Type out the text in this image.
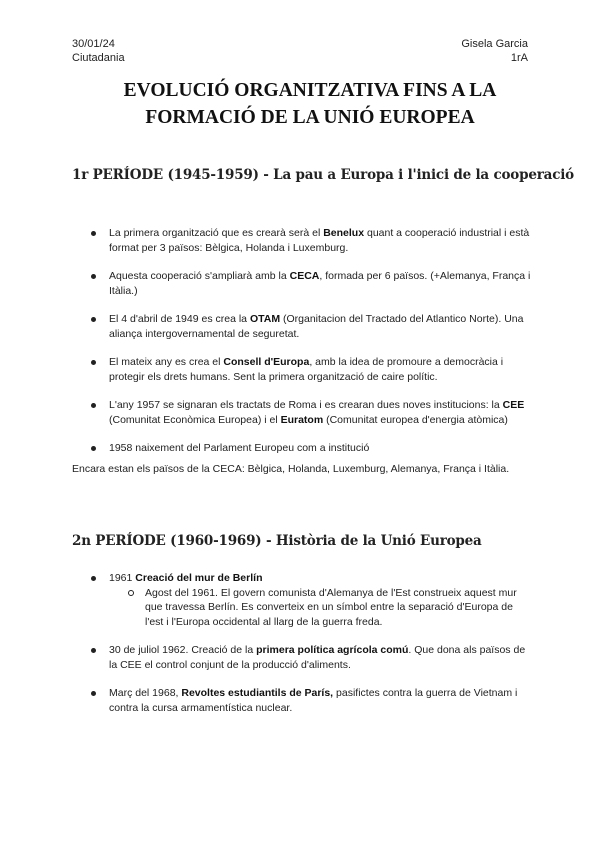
30/01/24
Ciutadania
Gisela Garcia
1rA
EVOLUCIÓ ORGANITZATIVA FINS A LA
FORMACIÓ DE LA UNIÓ EUROPEA
1r PERÍODE (1945-1959) - La pau a Europa i l'inici de la cooperació
La primera organització que es crearà serà el Benelux quant a cooperació industrial i està format per 3 països: Bèlgica, Holanda i Luxemburg.
Aquesta cooperació s'ampliarà amb la CECA, formada per 6 països. (+Alemanya, França i Itàlia.)
El 4 d'abril de 1949 es crea la OTAM (Organitacion del Tractado del Atlantico Norte). Una aliança intergovernamental de seguretat.
El mateix any es crea el Consell d'Europa, amb la idea de promoure a democràcia i protegir els drets humans. Sent la primera organització de caire polític.
L'any 1957 se signaran els tractats de Roma i es crearan dues noves institucions: la CEE (Comunitat Econòmica Europea) i el Euratom (Comunitat europea d'energia atòmica)
1958 naixement del Parlament Europeu com a institució
Encara estan els països de la CECA: Bèlgica, Holanda, Luxemburg, Alemanya, França i Itàlia.
2n PERÍODE (1960-1969) - Història de la Unió Europea
1961 Creació del mur de Berlín
Agost del 1961. El govern comunista d'Alemanya de l'Est construeix aquest mur que travessa Berlín. Es converteix en un símbol entre la separació d'Europa de l'est i l'Europa occidental al llarg de la guerra freda.
30 de juliol 1962. Creació de la primera política agrícola comú. Que dona als països de la CEE el control conjunt de la producció d'aliments.
Març del 1968, Revoltes estudiantils de París, pasifictes contra la guerra de Vietnam i contra la cursa armamentística nuclear.
